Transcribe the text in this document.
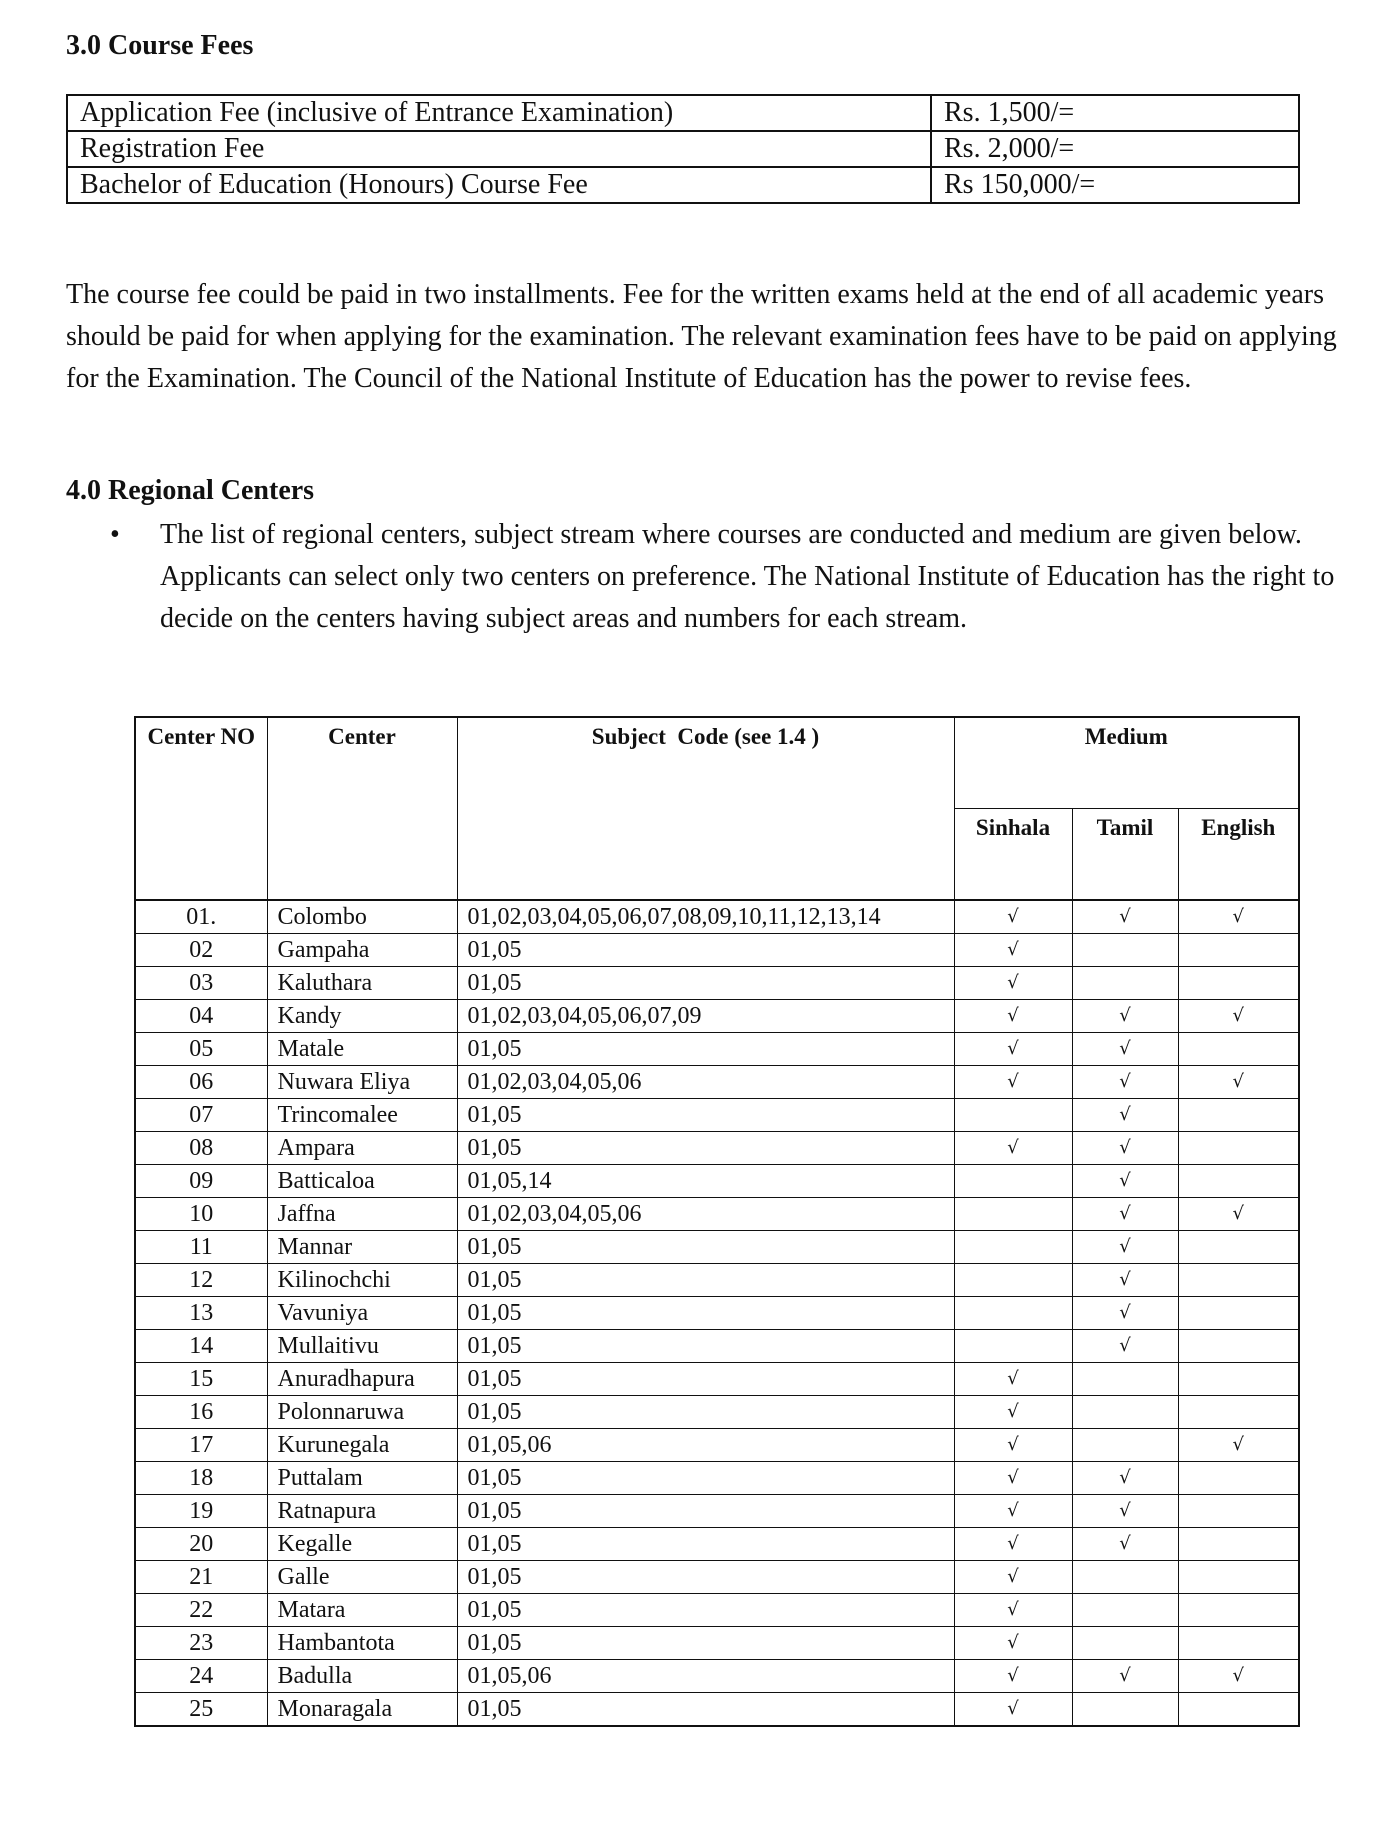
3.0 Course Fees
Application Fee (inclusive of Entrance Examination)	Rs. 1,500/=
Registration Fee	Rs. 2,000/=
Bachelor of Education (Honours) Course Fee	Rs 150,000/=

The course fee could be paid in two installments. Fee for the written exams held at the end of all academic years should be paid for when applying for the examination. The relevant examination fees have to be paid on applying for the Examination. The Council of the National Institute of Education has the power to revise fees.

4.0 Regional Centers
•	The list of regional centers, subject stream where courses are conducted and medium are given below. Applicants can select only two centers on preference. The National Institute of Education has the right to decide on the centers having subject areas and numbers for each stream.

Center NO	Center	Subject  Code (see 1.4 )	Medium		
			Sinhala	Tamil	English
01.	Colombo	01,02,03,04,05,06,07,08,09,10,11,12,13,14	√	√	√
02	Gampaha	01,05	√		
03	Kaluthara	01,05	√		
04	Kandy	01,02,03,04,05,06,07,09	√	√	√
05	Matale	01,05	√	√	
06	Nuwara Eliya	01,02,03,04,05,06	√	√	√
07	Trincomalee	01,05		√	
08	Ampara	01,05	√	√	
09	Batticaloa	01,05,14		√	
10	Jaffna	01,02,03,04,05,06		√	√
11	Mannar	01,05		√	
12	Kilinochchi	01,05		√	
13	Vavuniya	01,05		√	
14	Mullaitivu	01,05		√	
15	Anuradhapura	01,05	√		
16	Polonnaruwa	01,05	√		
17	Kurunegala	01,05,06	√		√
18	Puttalam	01,05	√	√	
19	Ratnapura	01,05	√	√	
20	Kegalle	01,05	√	√	
21	Galle	01,05	√		
22	Matara	01,05	√		
23	Hambantota	01,05	√		
24	Badulla	01,05,06	√	√	√
25	Monaragala	01,05	√		
